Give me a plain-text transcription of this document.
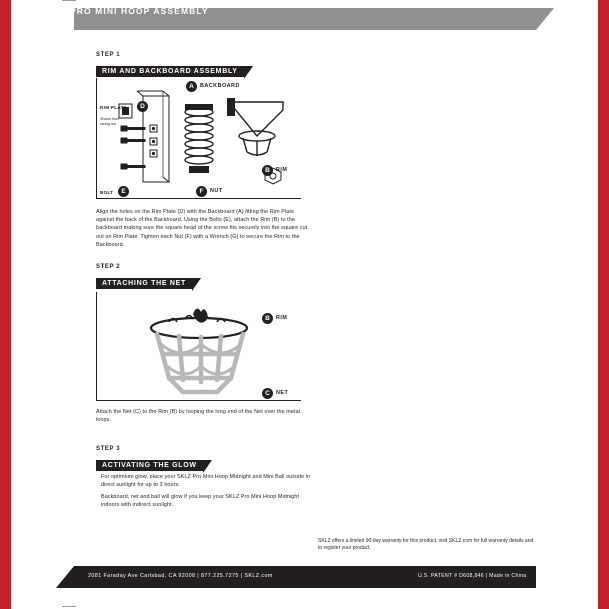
PRO MINI HOOP ASSEMBLY
STEP 1
RIM AND BACKBOARD ASSEMBLY
RIM PLATE
Shown from
facing out
D
BOLT	E
A	BACKBOARD
B	RIM
F	NUT
Align the holes on the Rim Plate (D) with the Backboard (A) fitting the Rim Plate against the back of the Backboard. Using the Bolts (E), attach the Rim (B) to the backboard making sure the square head of the screw fits securely into the square cut out on Rim Plate. Tighten each Nut (F) with a Wrench (G) to secure the Rim to the Backboard.
STEP 2
ATTACHING THE NET
B	RIM
C	NET
Attach the Net (C) to the Rim (B) by looping the long end of the Net over the metal loops.
STEP 3
ACTIVATING THE GLOW
For optimium glow, place your SKLZ Pro Mini Hoop Midnight and Mini Ball outside in direct sunlight for up to 3 hours.
Backboard, net and ball will glow if you keep your SKLZ Pro Mini Hoop Midnight indoors with indirect sunlight.
SKLZ offers a limited 90-day warranty for this product, visit SKLZ.com for full warranty details and to register your product.
2081 Faraday Ave Carlsbad, CA 92008 | 877.225.7275 | SKLZ.com	U.S. PATENT # D608,846 | Made in China
